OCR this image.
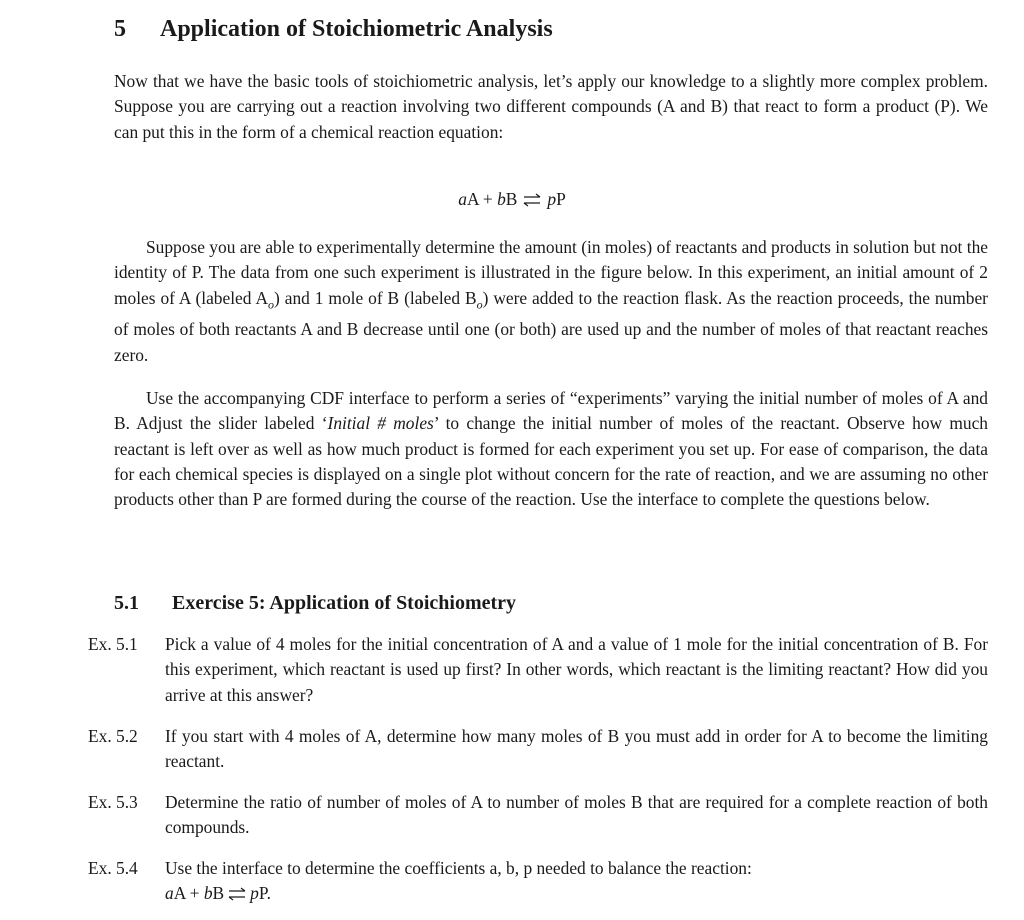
5 Application of Stoichiometric Analysis
Now that we have the basic tools of stoichiometric analysis, let’s apply our knowledge to a slightly more complex problem. Suppose you are carrying out a reaction involving two different compounds (A and B) that react to form a product (P). We can put this in the form of a chemical reaction equation:
aA + bB ⇌ pP
Suppose you are able to experimentally determine the amount (in moles) of reactants and products in solution but not the identity of P. The data from one such experiment is illustrated in the figure below. In this experiment, an initial amount of 2 moles of A (labeled $A_o$) and 1 mole of B (labeled $B_o$) were added to the reaction flask. As the reaction proceeds, the number of moles of both reactants A and B decrease until one (or both) are used up and the number of moles of that reactant reaches zero.
Use the accompanying CDF interface to perform a series of “experiments” varying the initial number of moles of A and B. Adjust the slider labeled ‘Initial # moles’ to change the initial number of moles of the reactant. Observe how much reactant is left over as well as how much product is formed for each experiment you set up. For ease of comparison, the data for each chemical species is displayed on a single plot without concern for the rate of reaction, and we are assuming no other products other than P are formed during the course of the reaction. Use the interface to complete the questions below.
5.1 Exercise 5: Application of Stoichiometry
Ex. 5.1	Pick a value of 4 moles for the initial concentration of A and a value of 1 mole for the initial concentration of B. For this experiment, which reactant is used up first? In other words, which reactant is the limiting reactant? How did you arrive at this answer?
Ex. 5.2	If you start with 4 moles of A, determine how many moles of B you must add in order for A to become the limiting reactant.
Ex. 5.3	Determine the ratio of number of moles of A to number of moles B that are required for a complete reaction of both compounds.
Ex. 5.4	Use the interface to determine the coefficients a, b, p needed to balance the reaction:
aA + bB ⇌ pP.
